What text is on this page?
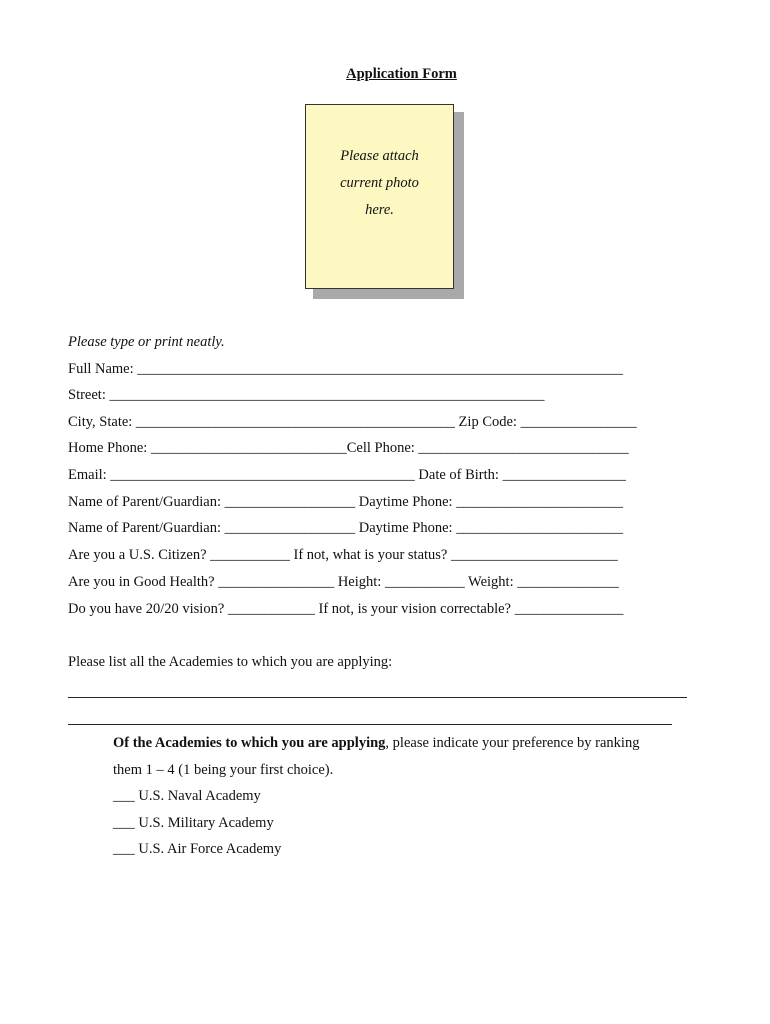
Application Form
Please attach
current photo
here.
Please type or print neatly.
Full Name: ___________________________________________________________________
Street: ____________________________________________________________
City, State: ____________________________________________ Zip Code: ________________
Home Phone: ___________________________Cell Phone: _____________________________
Email: __________________________________________ Date of Birth: _________________
Name of Parent/Guardian: __________________ Daytime Phone: _______________________
Name of Parent/Guardian: __________________ Daytime Phone: _______________________
Are you a U.S. Citizen? ___________ If not, what is your status? _______________________
Are you in Good Health? ________________ Height: ___________ Weight: ______________
Do you have 20/20 vision? ____________ If not, is your vision correctable? _______________
Please list all the Academies to which you are applying:
Of the Academies to which you are applying, please indicate your preference by ranking
them 1 – 4 (1 being your first choice).
___ U.S. Naval Academy
___ U.S. Military Academy
___ U.S. Air Force Academy
